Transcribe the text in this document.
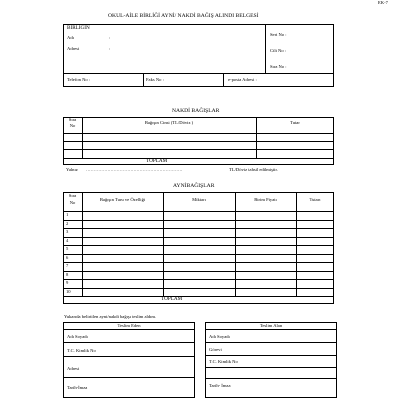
EK-7
OKUL-AİLE BİRLİĞİ AYNİ/ NAKDİ BAĞIŞ ALINDI BELGESİ
BİRLİĞİN
Adı	:
Adresi	:
Seri No :
Cilt No :
Sıra No :
Telefon No :	Faks No :	e-posta Adresi :
NAKDİ BAĞIŞLAR
Sıra
No
Bağışın Cinsi (TL/Döviz )	Tutar
TOPLAM
Yalnız ………………………………………………………	TL/Döviz tahsil edilmiştir.
AYNİBAĞIŞLAR
Sıra
No
Bağışın Turu ve Özelliği	Miktarı	Birim Fiyatı	Tutarı
1
2
3
4
5
6
7
8
9
10
TOPLAM
Yukarıda belirtilen ayni/nakdi bağışı teslim aldım.
Teslim Eden
Adı Soyadı
T.C. Kimlik No
Adresi
Tarih-İmza
Teslim Alan
Adı Soyadı
Görevi
T.C. Kimlik No
Tarih- İmza
